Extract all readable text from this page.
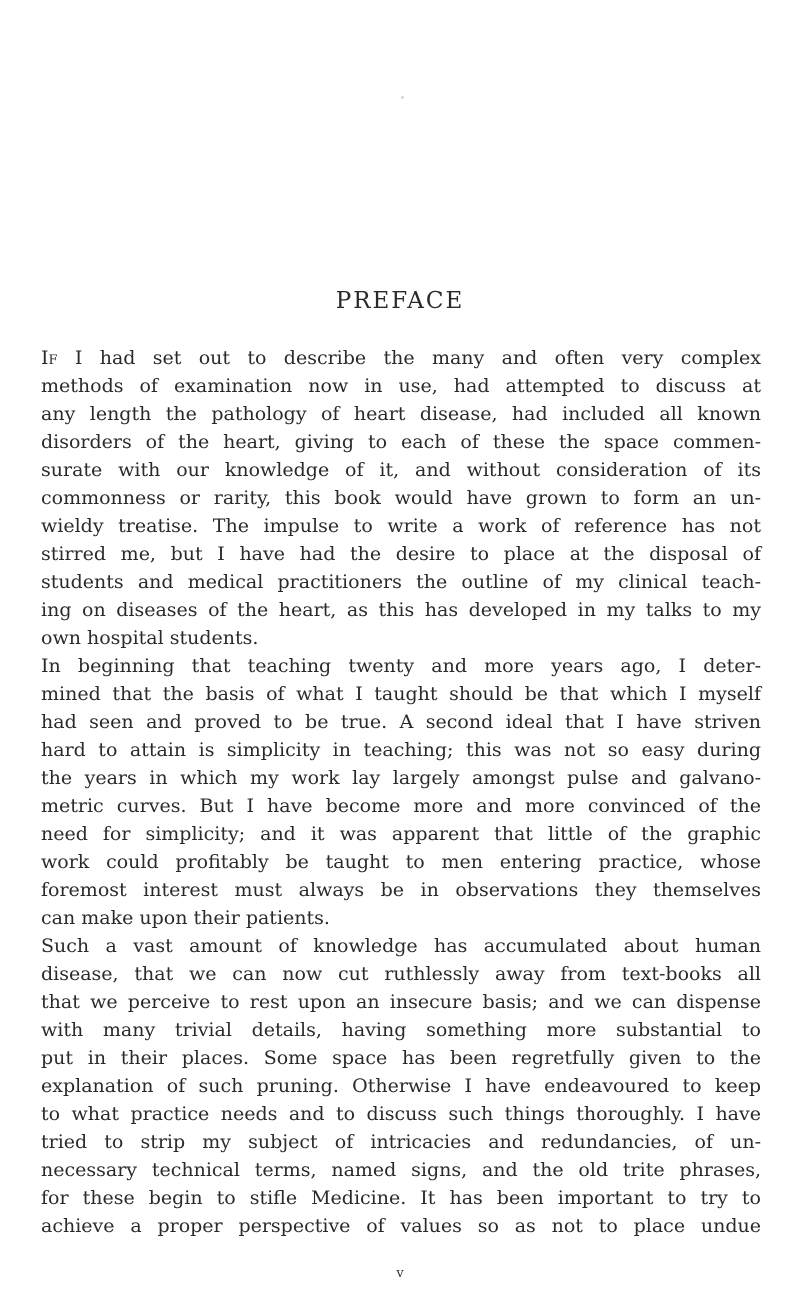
PREFACE
If I had set out to describe the many and often very complex
methods of examination now in use, had attempted to discuss at
any length the pathology of heart disease, had included all known
disorders of the heart, giving to each of these the space commen-
surate with our knowledge of it, and without consideration of its
commonness or rarity, this book would have grown to form an un-
wieldy treatise. The impulse to write a work of reference has not
stirred me, but I have had the desire to place at the disposal of
students and medical practitioners the outline of my clinical teach-
ing on diseases of the heart, as this has developed in my talks to my
own hospital students.
In beginning that teaching twenty and more years ago, I deter-
mined that the basis of what I taught should be that which I myself
had seen and proved to be true. A second ideal that I have striven
hard to attain is simplicity in teaching; this was not so easy during
the years in which my work lay largely amongst pulse and galvano-
metric curves. But I have become more and more convinced of the
need for simplicity; and it was apparent that little of the graphic
work could profitably be taught to men entering practice, whose
foremost interest must always be in observations they themselves
can make upon their patients.
Such a vast amount of knowledge has accumulated about human
disease, that we can now cut ruthlessly away from text-books all
that we perceive to rest upon an insecure basis; and we can dispense
with many trivial details, having something more substantial to
put in their places. Some space has been regretfully given to the
explanation of such pruning. Otherwise I have endeavoured to keep
to what practice needs and to discuss such things thoroughly. I have
tried to strip my subject of intricacies and redundancies, of un-
necessary technical terms, named signs, and the old trite phrases,
for these begin to stifle Medicine. It has been important to try to
achieve a proper perspective of values so as not to place undue
v
